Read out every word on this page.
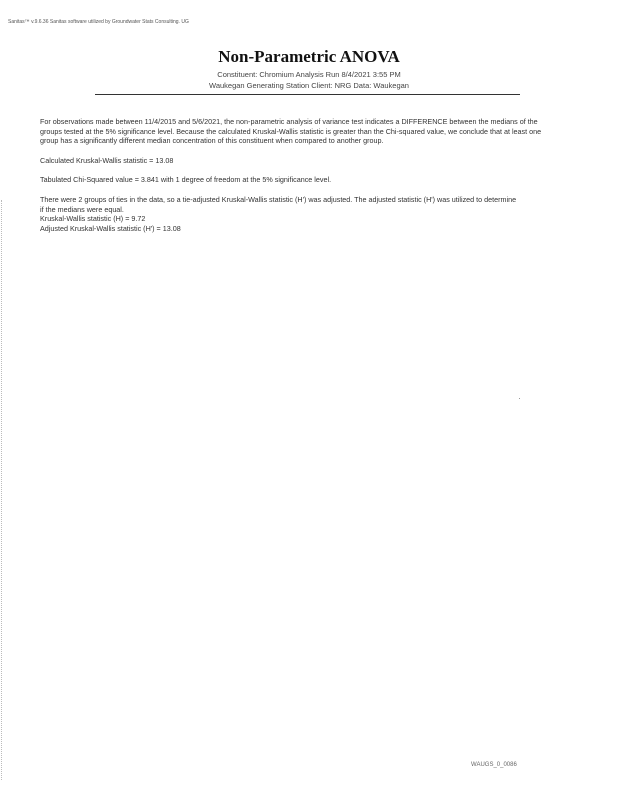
Sanitas™ v.9.6.36 Sanitas software utilized by Groundwater Stats Consulting. UG
Non-Parametric ANOVA
Constituent: Chromium Analysis Run 8/4/2021 3:55 PM
Waukegan Generating Station Client: NRG Data: Waukegan
For observations made between 11/4/2015 and 5/6/2021, the non-parametric analysis of variance test indicates a DIFFERENCE between the medians of the groups tested at the 5% significance level. Because the calculated Kruskal-Wallis statistic is greater than the Chi-squared value, we conclude that at least one group has a significantly different median concentration of this constituent when compared to another group.
Calculated Kruskal-Wallis statistic = 13.08
Tabulated Chi-Squared value = 3.841 with 1 degree of freedom at the 5% significance level.
There were 2 groups of ties in the data, so a tie-adjusted Kruskal-Wallis statistic (H') was adjusted. The adjusted statistic (H') was utilized to determine
if the medians were equal.
Kruskal-Wallis statistic (H) = 9.72
Adjusted Kruskal-Wallis statistic (H') = 13.08
WAUGS_0_0086
